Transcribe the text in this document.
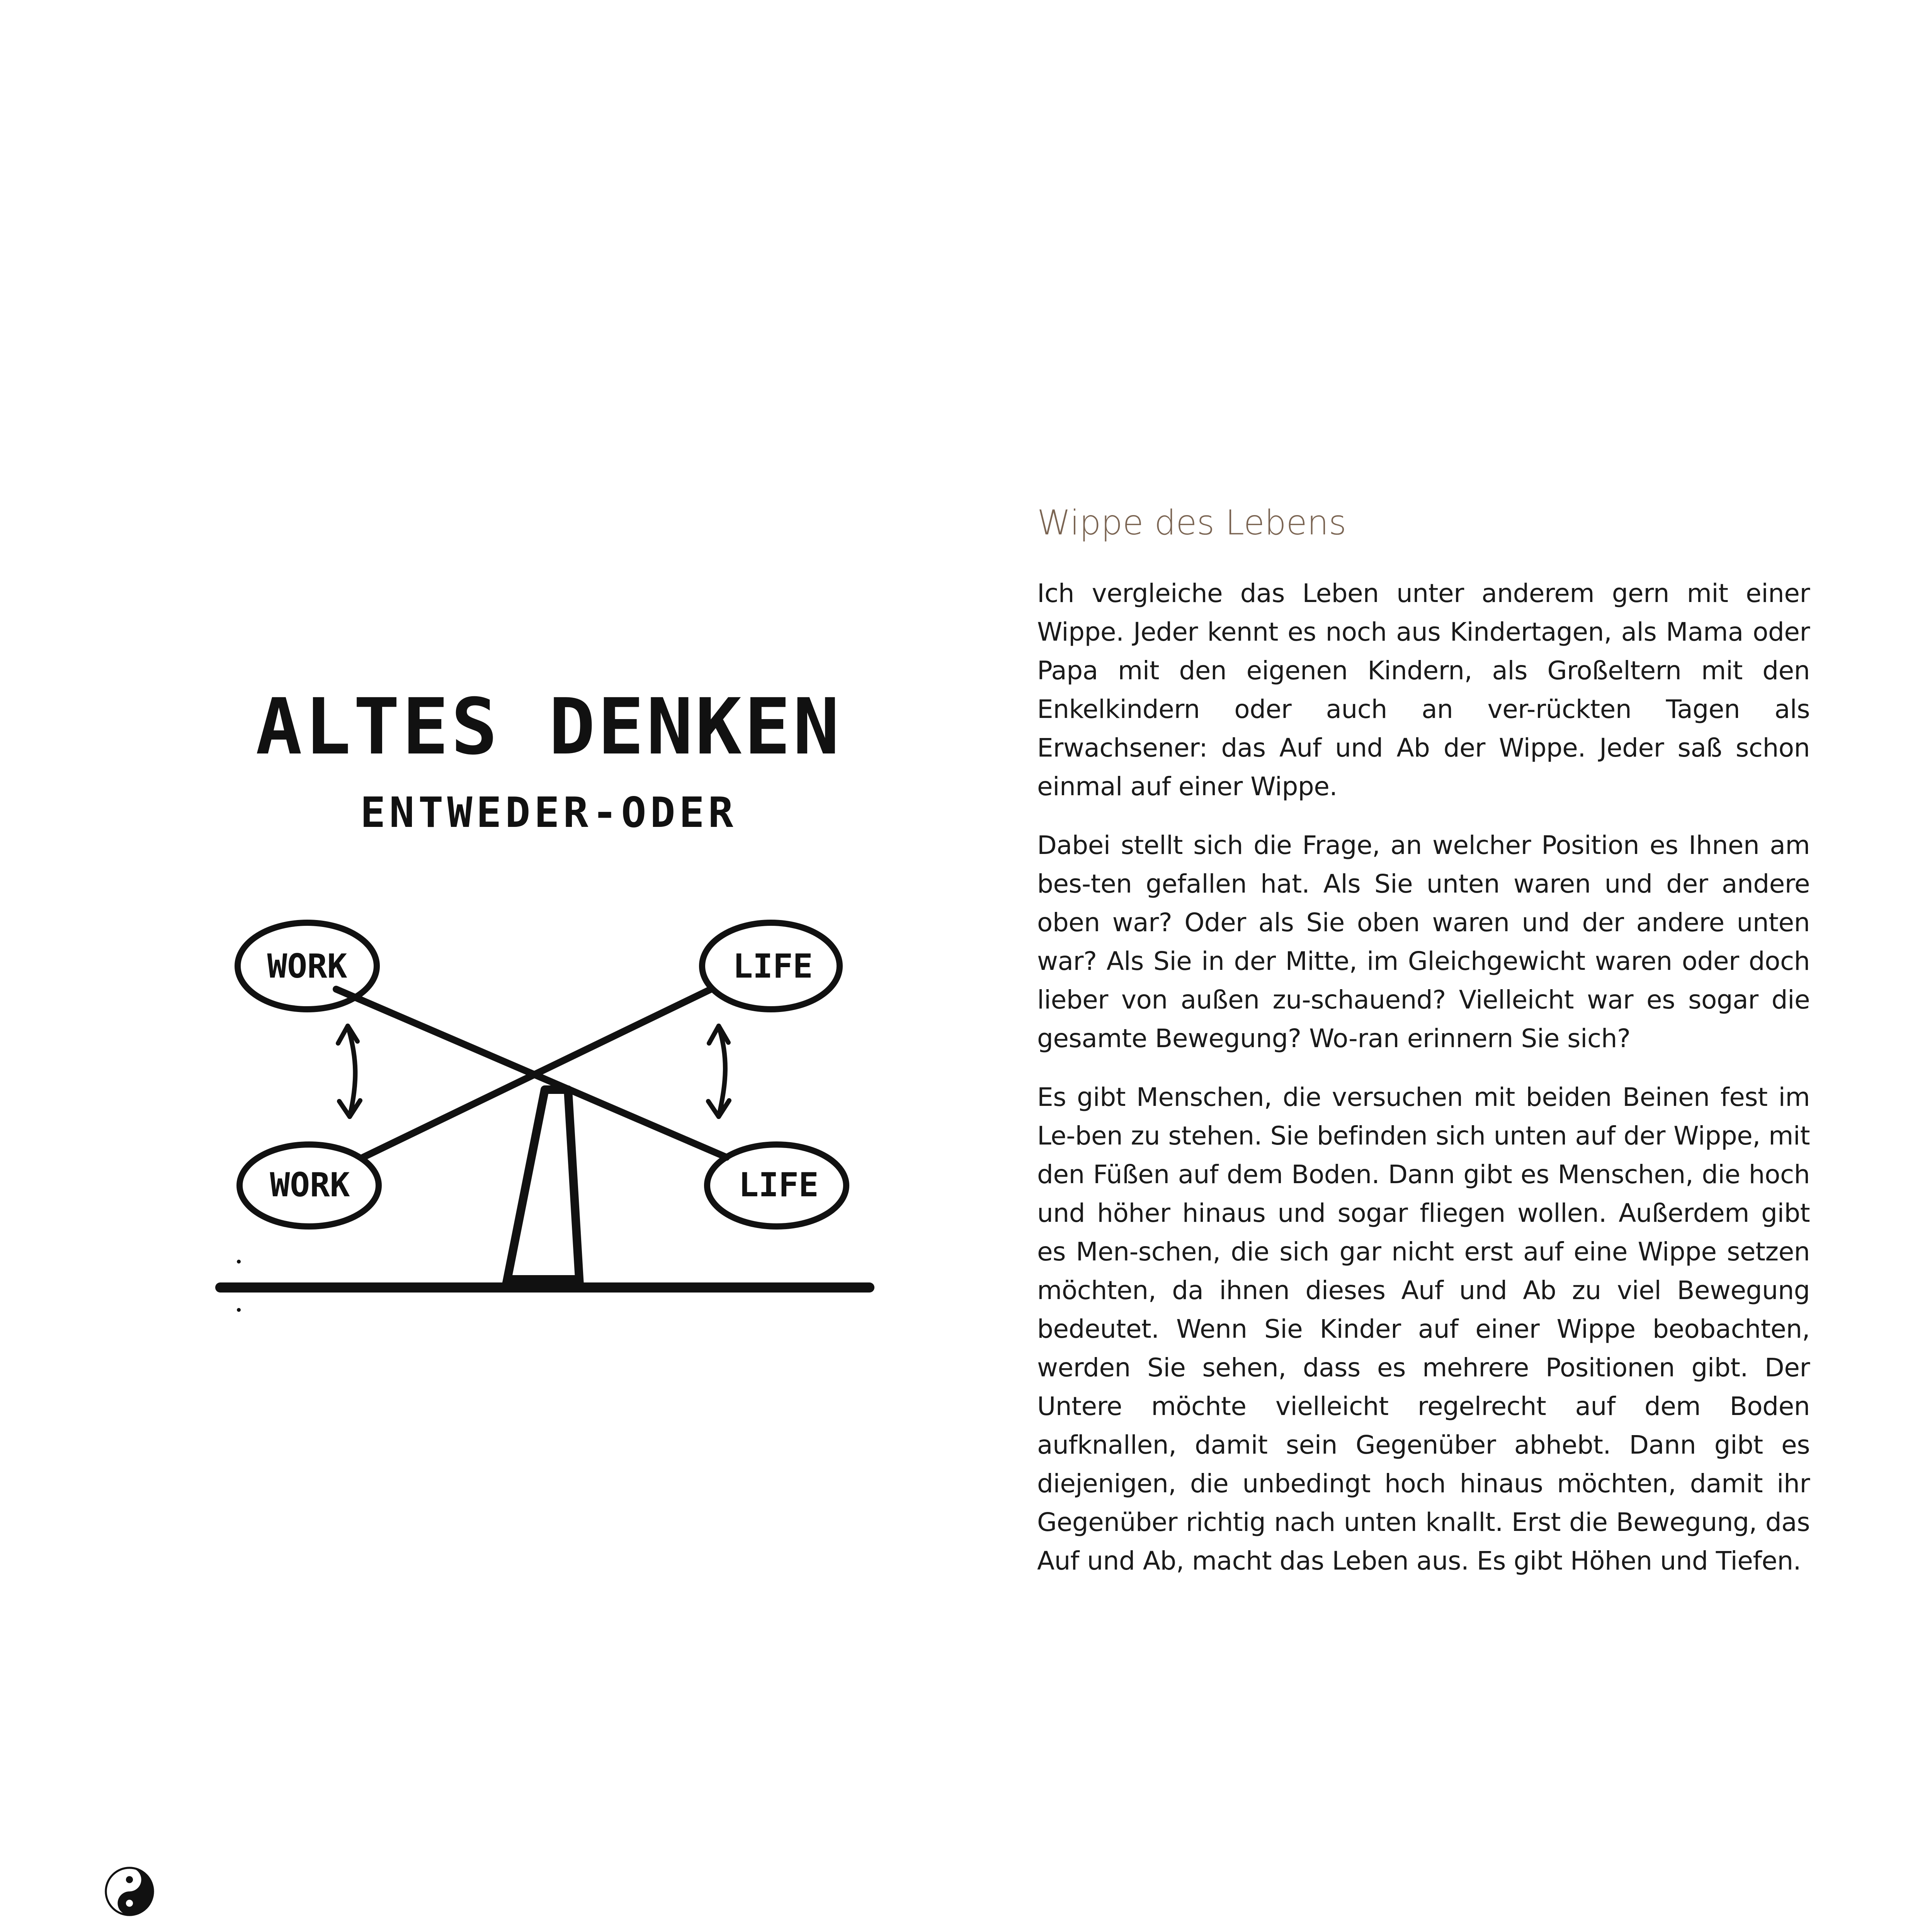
ALTES DENKEN
ENTWEDER-ODER
WORK	LIFE
WORK	LIFE
Wippe des Lebens

Ich vergleiche das Leben unter anderem gern mit einer Wippe. Jeder kennt es noch aus Kindertagen, als Mama oder Papa mit den eigenen Kindern, als Großeltern mit den Enkelkindern oder auch an ver-rückten Tagen als Erwachsener: das Auf und Ab der Wippe. Jeder saß schon einmal auf einer Wippe.

Dabei stellt sich die Frage, an welcher Position es Ihnen am bes-ten gefallen hat. Als Sie unten waren und der andere oben war? Oder als Sie oben waren und der andere unten war? Als Sie in der Mitte, im Gleichgewicht waren oder doch lieber von außen zu-schauend? Vielleicht war es sogar die gesamte Bewegung? Wo-ran erinnern Sie sich?

Es gibt Menschen, die versuchen mit beiden Beinen fest im Le-ben zu stehen. Sie befinden sich unten auf der Wippe, mit den Füßen auf dem Boden. Dann gibt es Menschen, die hoch und höher hinaus und sogar fliegen wollen. Außerdem gibt es Men-schen, die sich gar nicht erst auf eine Wippe setzen möchten, da ihnen dieses Auf und Ab zu viel Bewegung bedeutet. Wenn Sie Kinder auf einer Wippe beobachten, werden Sie sehen, dass es mehrere Positionen gibt. Der Untere möchte vielleicht regelrecht auf dem Boden aufknallen, damit sein Gegenüber abhebt. Dann gibt es diejenigen, die unbedingt hoch hinaus möchten, damit ihr Gegenüber richtig nach unten knallt. Erst die Bewegung, das Auf und Ab, macht das Leben aus. Es gibt Höhen und Tiefen.
